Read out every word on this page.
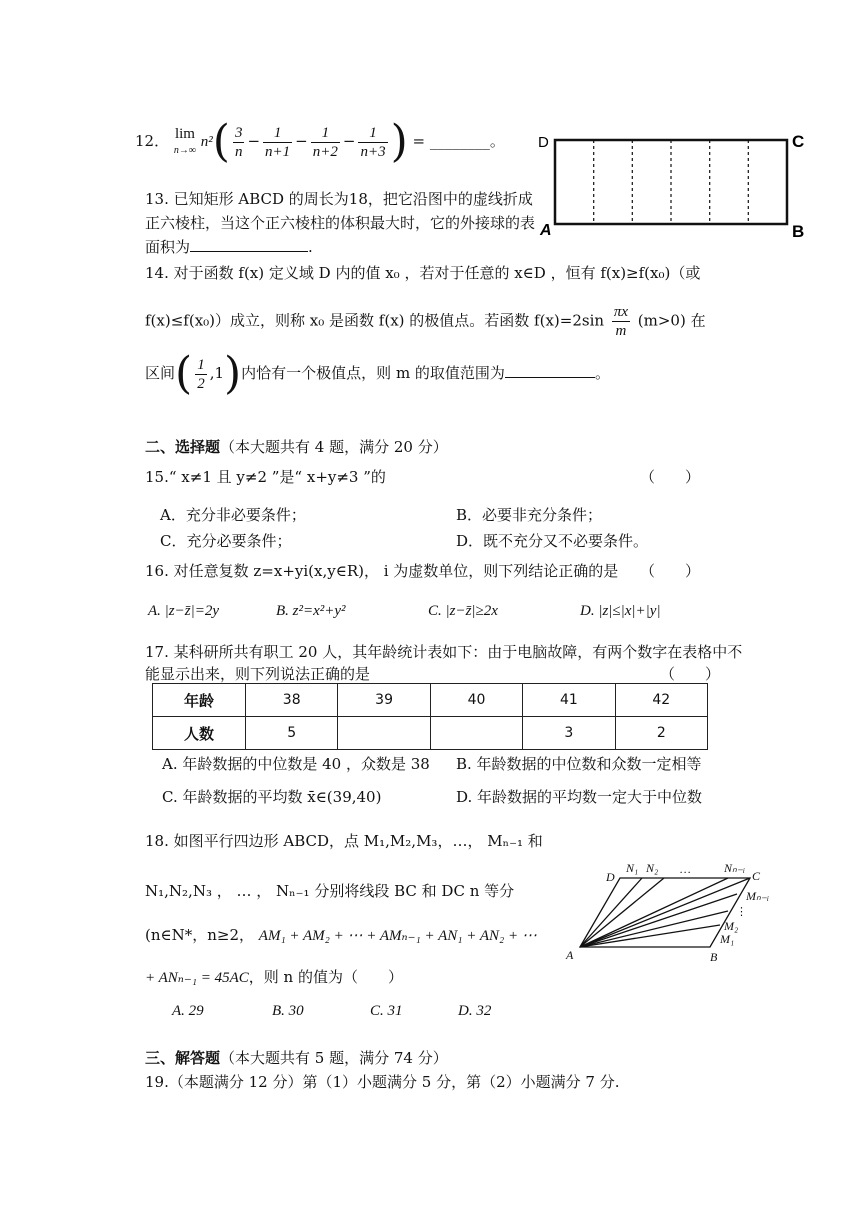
12． lim
n→∞ $n^2( \frac{3}{n} - \frac{1}{n+1} - \frac{1}{n+2} - \frac{1}{n+3}$ ) = ________。 D	C
A	B
13. 已知矩形 ABCD 的周长为18，把它沿图中的虚线折成
正六棱柱，当这个正六棱柱的体积最大时，它的外接球的表
面积为	.
14. 对于函数 f(x) 定义域 D 内的值 x₀ ，若对于任意的 x∈D ，恒有 f(x)≥f(x₀)（或
f(x)≤f(x₀)）成立，则称 x₀ 是函数 f(x) 的极值点。若函数 $f(x)=2\sin \frac{\pi x}{m} (m>0)$ 在
区间( $\frac{1}{2} ,1$)内恰有一个极值点，则 m 的取值范围为	。
二、选择题（本大题共有 4 题，满分 20 分）
15.“ x≠1 且 y≠2 ”是“ x+y≠3 ”的	（　　）
A．充分非必要条件；	B．必要非充分条件；
C．充分必要条件；	D．既不充分又不必要条件。
16. 对任意复数 z=x+yi(x,y∈R)， i 为虚数单位，则下列结论正确的是 （　　）
A. |z−z̄|=2y	B. z²=x²+y²	C. |z−z̄|≥2x	D. |z|≤|x|+|y|
17. 某科研所共有职工 20 人，其年龄统计表如下：由于电脑故障，有两个数字在表格中不
能显示出来，则下列说法正确的是	（　　）
年龄	38	39	40	41	42
人数	5			3	2
A. 年龄数据的中位数是 40 ，众数是 38 B. 年龄数据的中位数和众数一定相等
C. 年龄数据的平均数 x̄∈(39,40)	D. 年龄数据的平均数一定大于中位数
18. 如图平行四边形 ABCD，点 M₁,M₂,M₃，…， Mₙ₋₁ 和
N₁,N₂,N₃ ， … ， Nₙ₋₁ 分别将线段 BC 和 DC n 等分
(n∈N*，n≥2， AM₁ + AM₂ + ⋯ + AMₙ₋₁ + AN₁ + AN₂ + ⋯
+ ANₙ₋₁ = 45AC，则 n 的值为（　　）
A. 29	B. 30	C. 31	D. 32
D
N₁ N₂ …	Nₙ₋ᵢ
C
Mₙ₋ᵢ
M₂
M₁
A	B
⋮
三、解答题（本大题共有 5 题，满分 74 分）
19.（本题满分 12 分）第（1）小题满分 5 分，第（2）小题满分 7 分.
